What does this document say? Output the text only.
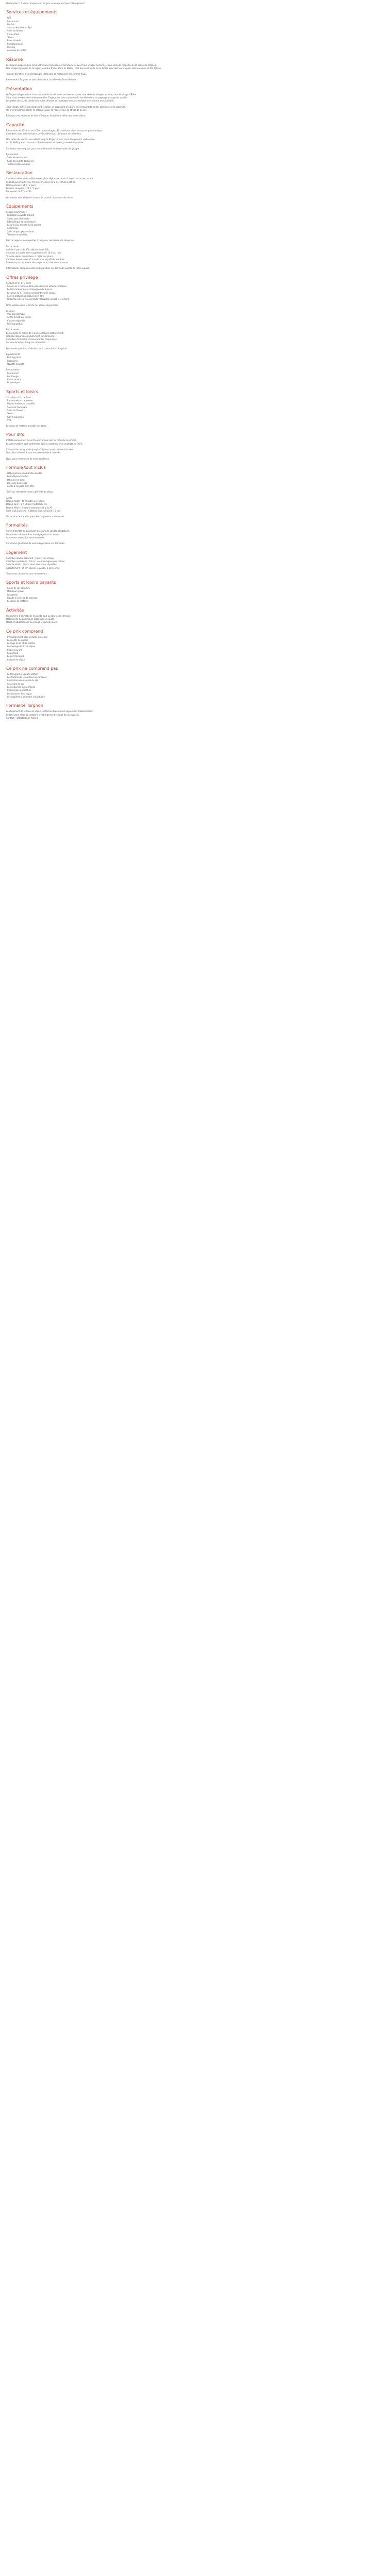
Description fr à venir composteur / Ce prix ne comprend pas l'hébergement
Services et équipements
Wifi
Restaurant
Piscine
Sauna - Hammam - Spa
Salle de fitness
Club enfant
Tennis
Blanchisserie
Stationnement
Parking
Animaux acceptés
Résumé
Le Torgnon dispose d'un riche patrimoine historique et architectural avec trois villages anciens, et une série de chapelles de la vallée de Torgnon.
Des villages typiques de la région, comme Triatel, Ronc et Mazod, sont des centres de la vie locale avec des fours à pain, des fontaines et des églises.
Torgnon bénéficie d'un climat alpin idéal pour se ressourcer été comme hiver.
Bienvenue à Torgnon, et bon séjour dans la vallée du Grand-Paradis !
Présentation
Le Torgnon dispose d'un riche patrimoine historique et architectural avec une série de villages anciens, dont le village d'Étirol.
Situé dans le cœur de la Valtournenche, Torgnon est une station de ski familiale dans un paysage à couper le souffle.
Les pistes de ski, de randonnée et les sentiers de montagne sont accessibles directement depuis l'hôtel.
Trois villages différents composent Torgnon, et proposent des bars, des restaurants et des commerces de proximité.
Un environnement calme et préservé pour se reposer loin du stress de la ville.
Réservez vos vacances d'hiver à Torgnon, le domaine idéal pour votre séjour.
Capacité
Rénovation de 1250 m² en 2010, quatre étages, 36 chambres et un restaurant panoramique.
Chambres avec salle de bains privée, télévision, téléphone et coffre-fort.
Nos salles de réunion accueillent jusqu'à 80 personnes, avec équipement audiovisuel.
Accès Wi-Fi gratuit dans tout l'établissement et parking couvert disponible.
Contactez notre équipe pour toute demande de réservation de groupe.
Épuisement
Salle de restaurant
Salle des petits déjeuners
Terrasse panoramique
Restauration
Cuisine traditionnelle valdôtaine et plats régionaux servis chaque soir au restaurant.
Petit-déjeuner buffet de 7h30 à 10h, dîner servi de 19h30 à 21h30.
Demi-pension : 54 € / 2 pers.
Pension complète : 78 € / 2 pers.
Bar ouvert de 17h à 23h.
Les menus sont élaborés à partir de produits locaux et de saison.
Équipements
Espaces communs :
Réception ouverte 24h/24
Salon avec cheminée
Bibliothèque et coin lecture
Local à skis chauffé avec casiers
Ascenseur
Salle de jeux pour enfants
Terrasse ensoleillée
Prêt de luges et de raquettes à neige sur demande à la réception.
Bon à savoir
Arrivée à partir de 15h, départ avant 10h.
Animaux acceptés avec supplément de 10 € par nuit.
Taxe de séjour non incluse, à régler sur place.
Cautions demandées à l'arrivée pour le prêt de matériel.
Paiement par carte bancaire, espèces ou chèques vacances.
Informations complémentaires disponibles sur demande auprès de notre équipe.
Offres privilège
SÉJOUR ACTIF ÉTÉ 2019
Séjour de 7 nuits en demi-pension avec activités incluses.
Forfait randonnée accompagnée de 3 jours.
Location de VTT incluse pendant tout le séjour.
Entrée gratuite à l'espace bien-être.
Réduction de 15 % pour toute réservation avant le 31 mars.
Offre valable dans la limite des places disponibles.
Les plus
Vue panoramique
Accès direct aux pistes
Cuisine régionale
Parking gratuit
Bon à savoir
Les enfants de moins de 3 ans sont logés gratuitement.
Lit bébé disponible gratuitement sur demande.
Chambres familiales communicantes disponibles.
Service de baby-sitting sur réservation.
Pour toute question, n'hésitez pas à contacter la réception.
Équipements
Parking privé
Bagagerie
Navette gratuite
Restauration
Restaurant
Bar lounge
Room service
Pique-nique
Sports et loisirs
Ski alpin et ski de fond
Randonnée en raquettes
Piscine intérieure chauffée
Sauna et hammam
Salle de fitness
Tennis
Golf à proximité
VTT
Location de matériel possible sur place.
Pour info
L'établissement est ouvert toute l'année sauf au mois de novembre.
Les réservations sont confirmées après versement d'un acompte de 30 %.
L'annulation est gratuite jusqu'à 30 jours avant la date d'arrivée.
Une pièce d'identité vous sera demandée à l'arrivée.
Nous vous remercions de votre confiance.
Formule tout inclus
Hébergement en chambre double
Petit-déjeuner buffet
Déjeuner et dîner
Boissons aux repas
Accès à l'espace bien-être
Tarifs sur demande selon la période de séjour.
Accès
Depuis Aoste : 45 minutes en voiture.
Depuis Turin : 1 h 30 par l'autoroute A5.
Depuis Milan : 2 h par l'autoroute A4 puis A5.
Gare la plus proche : Châtillon-Saint-Vincent (15 km).
Un service de transfert peut être organisé sur demande.
Formalités
Carte d'identité ou passeport en cours de validité obligatoire.
Les mineurs doivent être accompagnés d'un adulte.
Assurance annulation recommandée.
Conditions générales de vente disponibles sur demande.
Logement
Chambre double standard : 18 m², vue village.
Chambre supérieure : 24 m², vue montagne avec balcon.
Suite familiale : 40 m², deux chambres séparées.
Appartement : 55 m², cuisine équipée, 6 personnes.
Toutes nos chambres sont non-fumeurs.
Sports et loisirs payants
Cours de ski collectifs
Moniteurs privés
Parapente
Balade en chiens de traîneau
Location de matériel
Activités
Programme d'animations en soirée tout au long de la semaine.
Découverte du patrimoine local avec un guide.
Marché hebdomadaire au village le samedi matin.
Ce prix comprend
L'hébergement pour la durée du séjour
Les petits-déjeuners
Le linge de lit et de toilette
Le ménage de fin de séjour
L'accès au wifi
Le parking
Le prêt de luges
La taxe de séjour
Ce prix ne comprend pas
Le transport jusqu'à la station
Les forfaits de remontées mécaniques
La location de matériel de ski
Les cours de ski
Les dépenses personnelles
L'assurance annulation
Les boissons hors repas
Le supplément chambre individuelle
Formalité Torgnon
Le règlement de la taxe de séjour s'effectue directement auprès de l'établissement.
Le tarif varie selon la catégorie d'hébergement et l'âge des occupants.
Contact : info@torgnon-hotel.it
